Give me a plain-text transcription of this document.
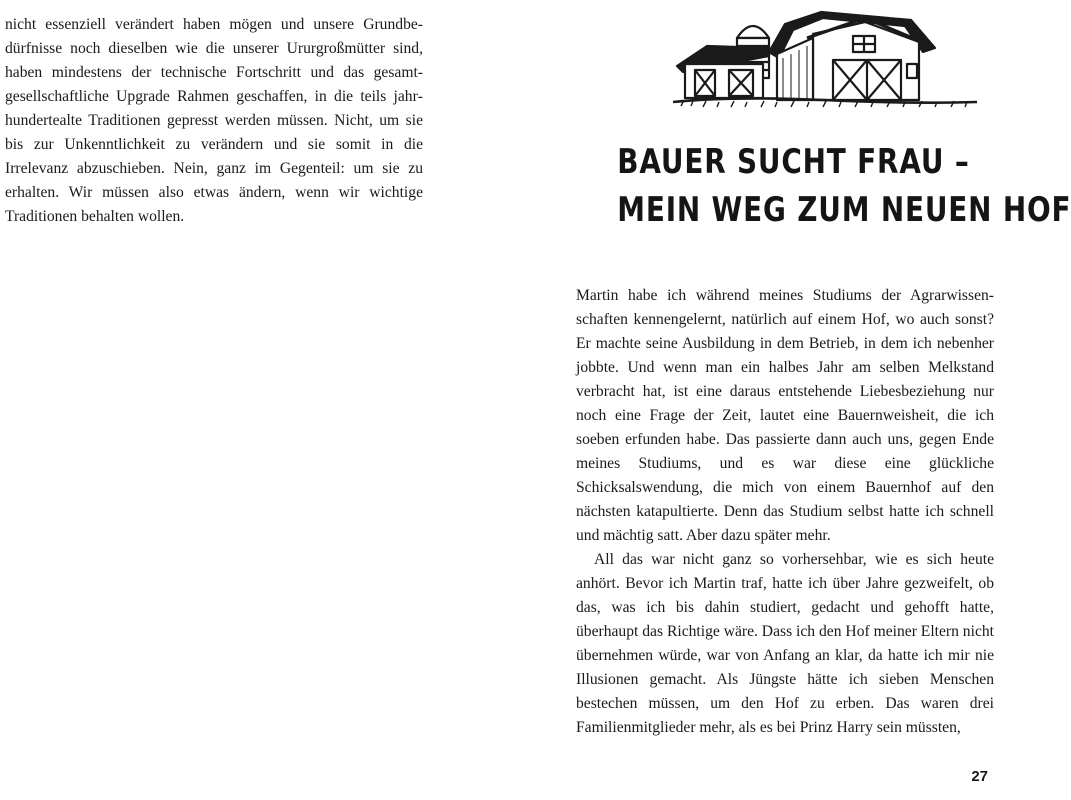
nicht essenziell verändert haben mögen und unsere Grundbedürfnisse noch dieselben wie die unserer Ururgroßmütter sind, haben mindestens der technische Fortschritt und das gesamtgesellschaftliche Upgrade Rahmen geschaffen, in die teils jahrhundertealte Traditionen gepresst werden müssen. Nicht, um sie bis zur Unkenntlichkeit zu verändern und sie somit in die Irrelevanz abzuschieben. Nein, ganz im Gegenteil: um sie zu erhalten. Wir müssen also etwas ändern, wenn wir wichtige Traditionen behalten wollen.

BAUER SUCHT FRAU –
MEIN WEG ZUM NEUEN HOF

Martin habe ich während meines Studiums der Agrarwissenschaften kennengelernt, natürlich auf einem Hof, wo auch sonst? Er machte seine Ausbildung in dem Betrieb, in dem ich nebenher jobbte. Und wenn man ein halbes Jahr am selben Melkstand verbracht hat, ist eine daraus entstehende Liebesbeziehung nur noch eine Frage der Zeit, lautet eine Bauernweisheit, die ich soeben erfunden habe. Das passierte dann auch uns, gegen Ende meines Studiums, und es war diese eine glückliche Schicksalswendung, die mich von einem Bauernhof auf den nächsten katapultierte. Denn das Studium selbst hatte ich schnell und mächtig satt. Aber dazu später mehr.

All das war nicht ganz so vorhersehbar, wie es sich heute anhört. Bevor ich Martin traf, hatte ich über Jahre gezweifelt, ob das, was ich bis dahin studiert, gedacht und gehofft hatte, überhaupt das Richtige wäre. Dass ich den Hof meiner Eltern nicht übernehmen würde, war von Anfang an klar, da hatte ich mir nie Illusionen gemacht. Als Jüngste hätte ich sieben Menschen bestechen müssen, um den Hof zu erben. Das waren drei Familienmitglieder mehr, als es bei Prinz Harry sein müssten,

27
